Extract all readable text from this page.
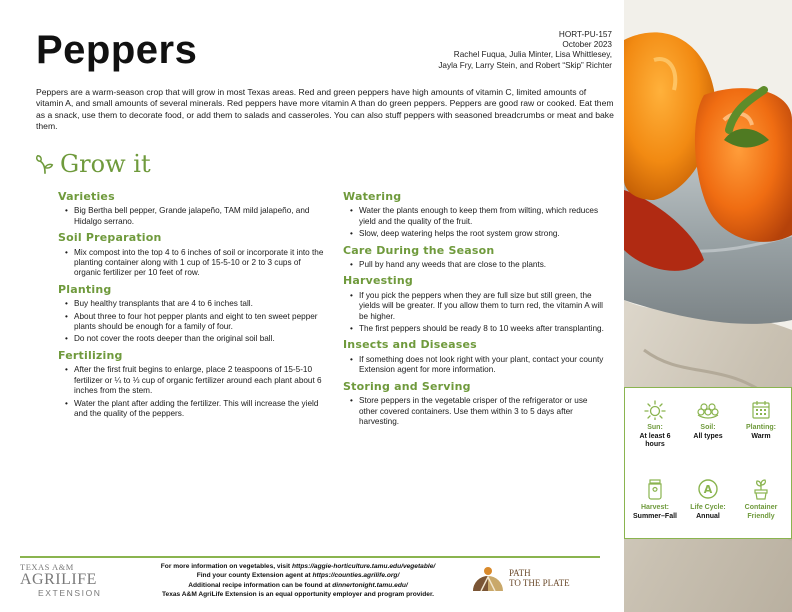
Peppers	HORT-PU-157
October 2023
Rachel Fuqua, Julia Minter, Lisa Whittlesey,
Jayla Fry, Larry Stein, and Robert “Skip” Richter

Peppers are a warm-season crop that will grow in most Texas areas. Red and green peppers have high amounts of vitamin C, limited amounts of vitamin A, and small amounts of several minerals. Red peppers have more vitamin A than do green peppers. Peppers are good raw or cooked. Eat them as a snack, use them to decorate food, or add them to salads and casseroles. You can also stuff peppers with seasoned breadcrumbs or meat and bake them.

Grow it
Varieties
• Big Bertha bell pepper, Grande jalapeño, TAM mild jalapeño, and Hidalgo serrano.
Soil Preparation
• Mix compost into the top 4 to 6 inches of soil or incorporate it into the planting container along with 1 cup of 15-5-10 or 2 to 3 cups of organic fertilizer per 10 feet of row.
Planting
• Buy healthy transplants that are 4 to 6 inches tall.
• About three to four hot pepper plants and eight to ten sweet pepper plants should be enough for a family of four.
• Do not cover the roots deeper than the original soil ball.
Fertilizing
• After the first fruit begins to enlarge, place 2 teaspoons of 15-5-10 fertilizer or ¼ to ⅓ cup of organic fertilizer around each plant about 6 inches from the stem.
• Water the plant after adding the fertilizer. This will increase the yield and the quality of the peppers.
Watering
• Water the plants enough to keep them from wilting, which reduces yield and the quality of the fruit.
• Slow, deep watering helps the root system grow strong.
Care During the Season
• Pull by hand any weeds that are close to the plants.
Harvesting
• If you pick the peppers when they are full size but still green, the yields will be greater. If you allow them to turn red, the vitamin A will be higher.
• The first peppers should be ready 8 to 10 weeks after transplanting.
Insects and Diseases
• If something does not look right with your plant, contact your county Extension agent for more information.
Storing and Serving
• Store peppers in the vegetable crisper of the refrigerator or use other covered containers. Use them within 3 to 5 days after harvesting.
Sun:
At least 6 hours
Soil:
All types
Planting:
Warm
Harvest:
Summer–Fall
A
Life Cycle:
Annual
Container
Friendly
TEXAS A&M
AGRILIFE
EXTENSION
For more information on vegetables, visit https://aggie-horticulture.tamu.edu/vegetable/
Find your county Extension agent at https://counties.agrilife.org/
Additional recipe information can be found at dinnertonight.tamu.edu/
Texas A&M AgriLife Extension is an equal opportunity employer and program provider.
PATH
TO THE PLATE
